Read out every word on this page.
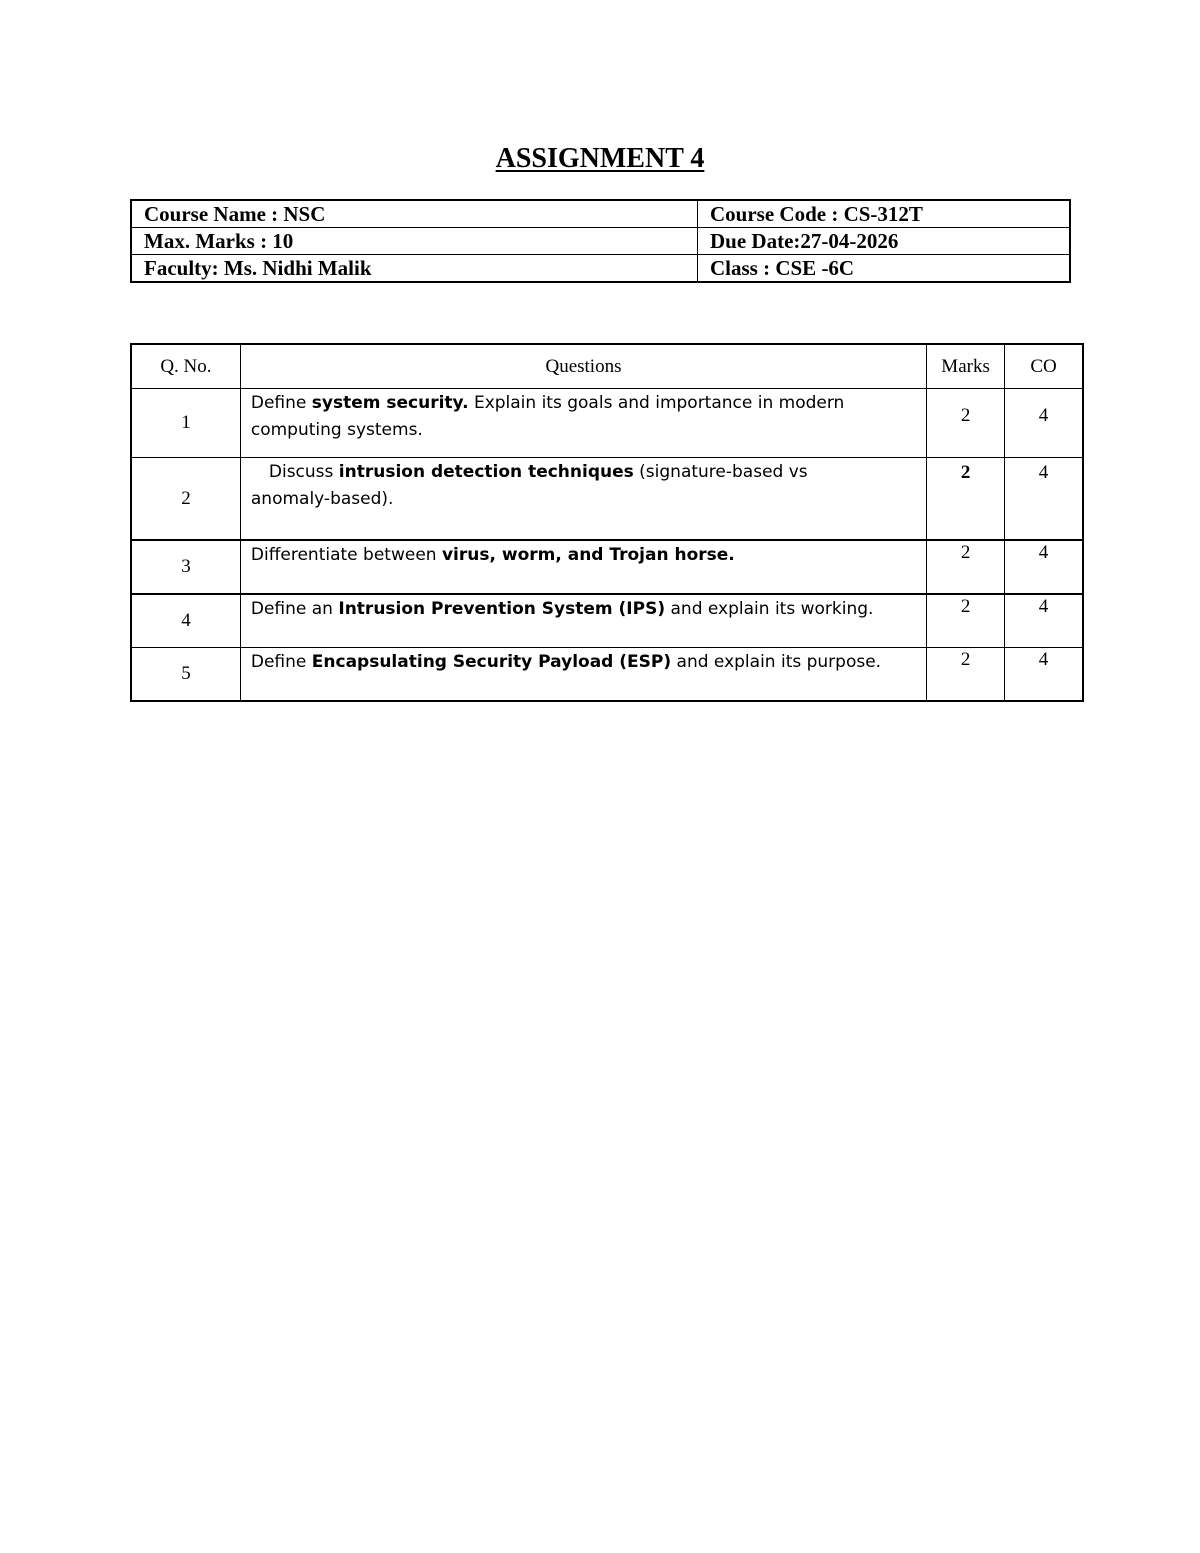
ASSIGNMENT 4
Course Name : NSC	Course Code : CS-312T
Max. Marks : 10	Due Date:27-04-2026
Faculty: Ms. Nidhi Malik	Class : CSE -6C
Q. No.	Questions	Marks	CO
1	Define system security. Explain its goals and importance in modern computing systems.	2	4
2	Discuss intrusion detection techniques (signature-based vs anomaly-based).	2	4
3	Differentiate between virus, worm, and Trojan horse.	2	4
4	Define an Intrusion Prevention System (IPS) and explain its working.	2	4
5	Define Encapsulating Security Payload (ESP) and explain its purpose.	2	4
